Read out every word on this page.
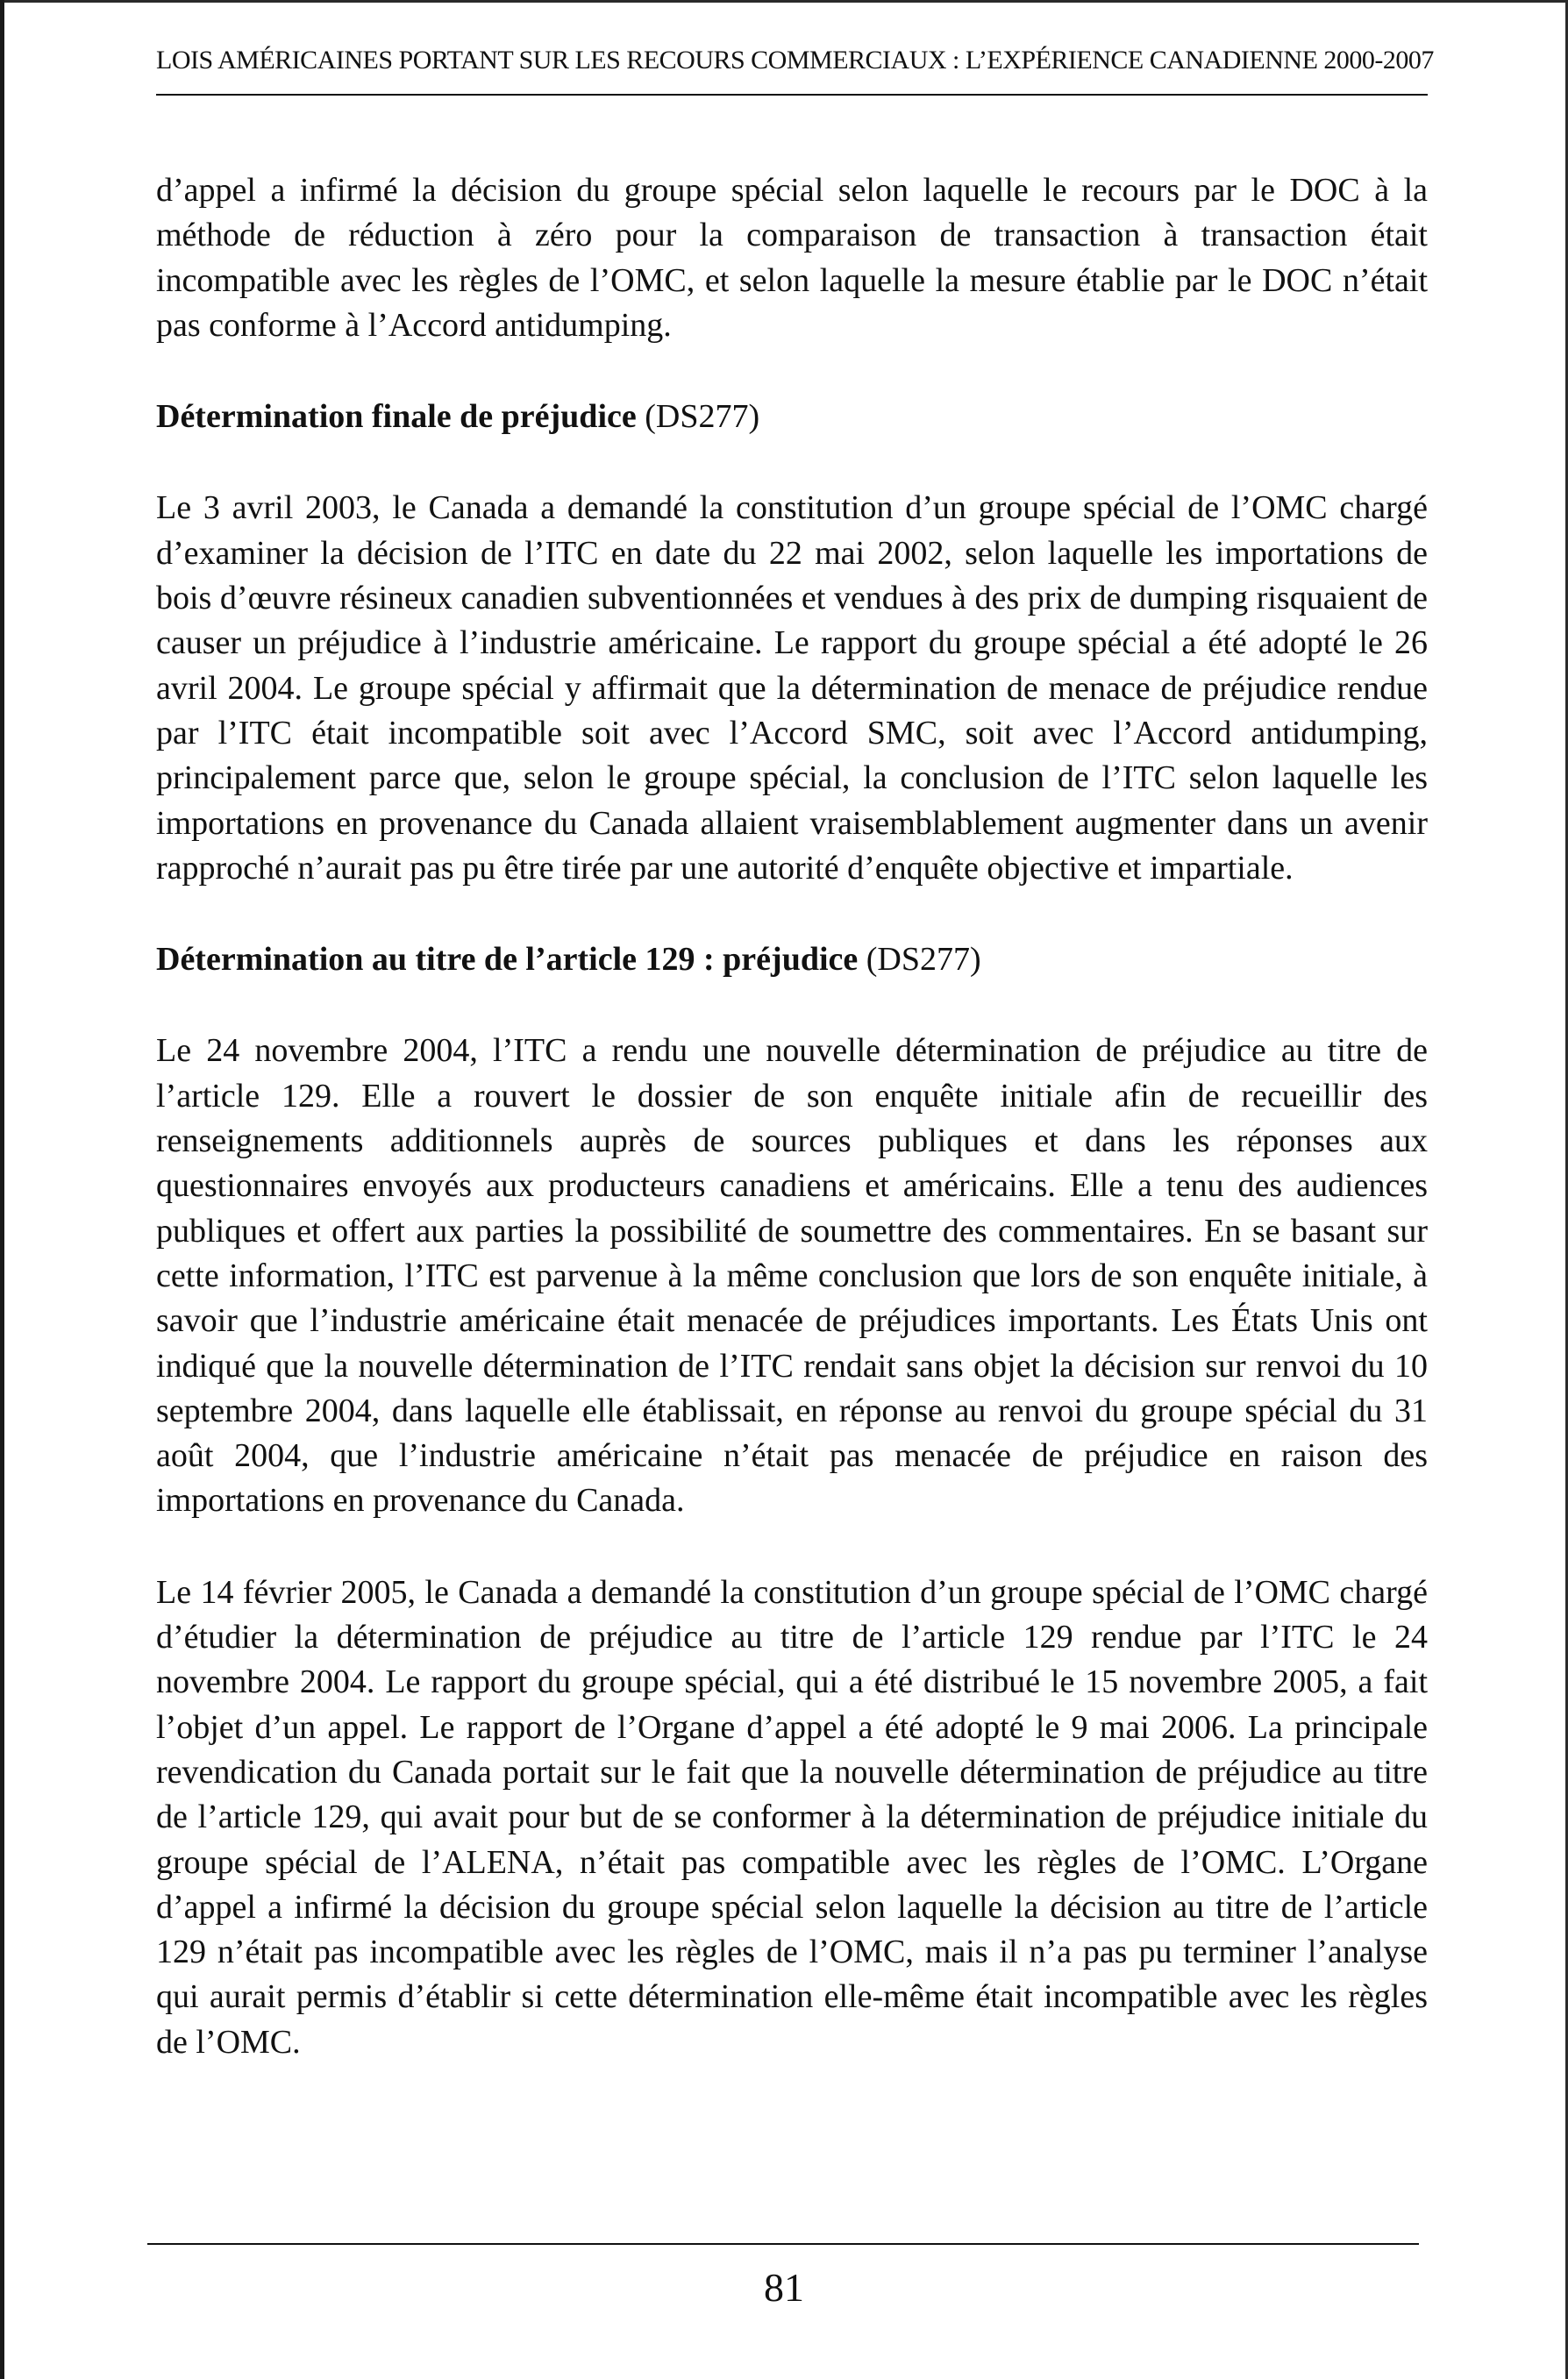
LOIS AMÉRICAINES PORTANT SUR LES RECOURS COMMERCIAUX : L’EXPÉRIENCE CANADIENNE 2000-2007

d’appel a infirmé la décision du groupe spécial selon laquelle le recours par le DOC à la méthode de réduction à zéro pour la comparaison de transaction à transaction était incompatible avec les règles de l’OMC, et selon laquelle la mesure établie par le DOC n’était pas conforme à l’Accord antidumping.

Détermination finale de préjudice (DS277)

Le 3 avril 2003, le Canada a demandé la constitution d’un groupe spécial de l’OMC chargé d’examiner la décision de l’ITC en date du 22 mai 2002, selon laquelle les importations de bois d’œuvre résineux canadien subventionnées et vendues à des prix de dumping risquaient de causer un préjudice à l’industrie américaine. Le rapport du groupe spécial a été adopté le 26 avril 2004. Le groupe spécial y affirmait que la détermination de menace de préjudice rendue par l’ITC était incompatible soit avec l’Accord SMC, soit avec l’Accord antidumping, principalement parce que, selon le groupe spécial, la conclusion de l’ITC selon laquelle les importations en provenance du Canada allaient vraisemblablement augmenter dans un avenir rapproché n’aurait pas pu être tirée par une autorité d’enquête objective et impartiale.

Détermination au titre de l’article 129 : préjudice (DS277)

Le 24 novembre 2004, l’ITC a rendu une nouvelle détermination de préjudice au titre de l’article 129. Elle a rouvert le dossier de son enquête initiale afin de recueillir des renseignements additionnels auprès de sources publiques et dans les réponses aux questionnaires envoyés aux producteurs canadiens et américains. Elle a tenu des audiences publiques et offert aux parties la possibilité de soumettre des commentaires. En se basant sur cette information, l’ITC est parvenue à la même conclusion que lors de son enquête initiale, à savoir que l’industrie américaine était menacée de préjudices importants. Les États Unis ont indiqué que la nouvelle détermination de l’ITC rendait sans objet la décision sur renvoi du 10 septembre 2004, dans laquelle elle établissait, en réponse au renvoi du groupe spécial du 31 août 2004, que l’industrie américaine n’était pas menacée de préjudice en raison des importations en provenance du Canada.

Le 14 février 2005, le Canada a demandé la constitution d’un groupe spécial de l’OMC chargé d’étudier la détermination de préjudice au titre de l’article 129 rendue par l’ITC le 24 novembre 2004. Le rapport du groupe spécial, qui a été distribué le 15 novembre 2005, a fait l’objet d’un appel. Le rapport de l’Organe d’appel a été adopté le 9 mai 2006. La principale revendication du Canada portait sur le fait que la nouvelle détermination de préjudice au titre de l’article 129, qui avait pour but de se conformer à la détermination de préjudice initiale du groupe spécial de l’ALENA, n’était pas compatible avec les règles de l’OMC. L’Organe d’appel a infirmé la décision du groupe spécial selon laquelle la décision au titre de l’article 129 n’était pas incompatible avec les règles de l’OMC, mais il n’a pas pu terminer l’analyse qui aurait permis d’établir si cette détermination elle-même était incompatible avec les règles de l’OMC.

81
